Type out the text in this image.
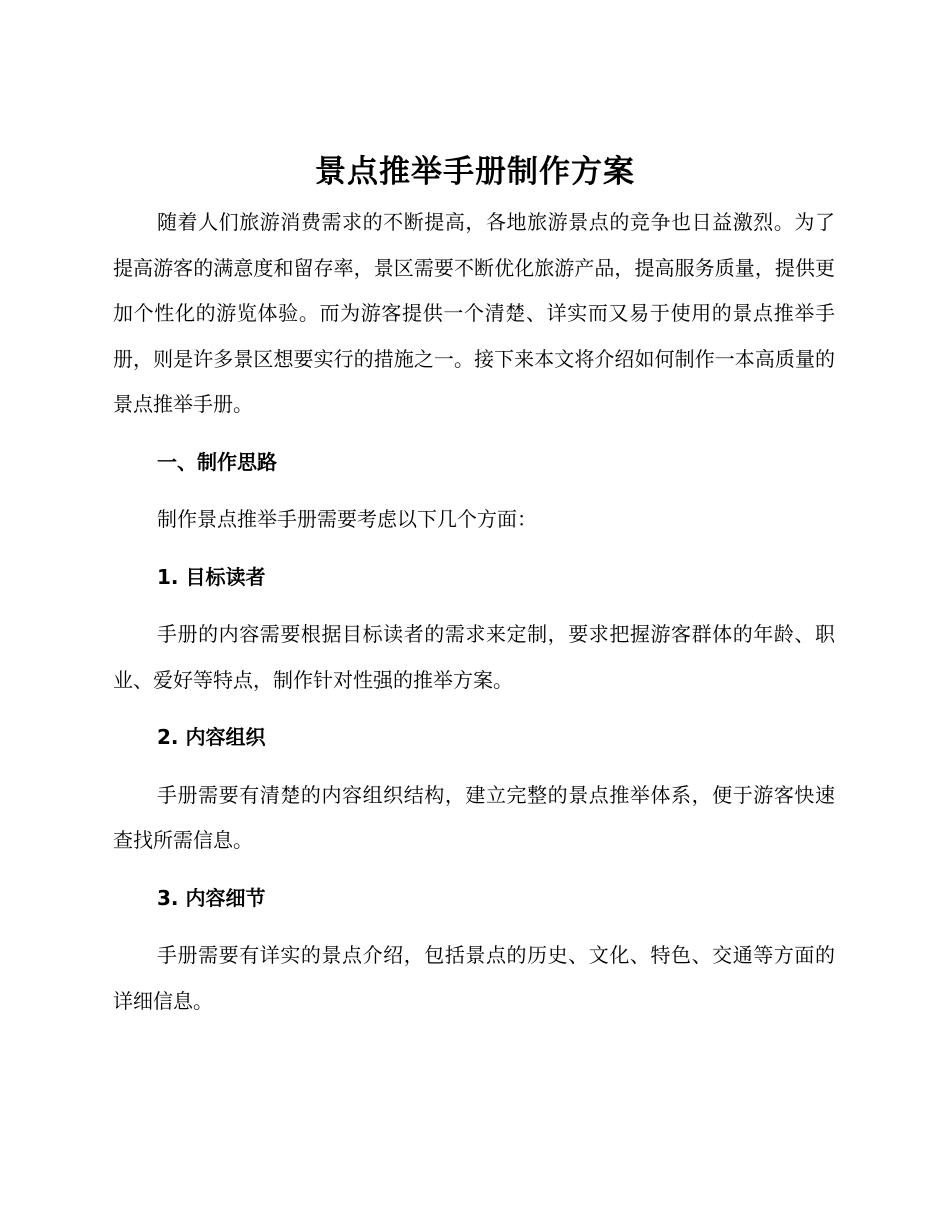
景点推举手册制作方案

随着人们旅游消费需求的不断提高，各地旅游景点的竞争也日益激烈。为了提高游客的满意度和留存率，景区需要不断优化旅游产品，提高服务质量，提供更加个性化的游览体验。而为游客提供一个清楚、详实而又易于使用的景点推举手册，则是许多景区想要实行的措施之一。接下来本文将介绍如何制作一本高质量的景点推举手册。

一、制作思路

制作景点推举手册需要考虑以下几个方面：

1. 目标读者

手册的内容需要根据目标读者的需求来定制，要求把握游客群体的年龄、职业、爱好等特点，制作针对性强的推举方案。

2. 内容组织

手册需要有清楚的内容组织结构，建立完整的景点推举体系，便于游客快速查找所需信息。

3. 内容细节

手册需要有详实的景点介绍，包括景点的历史、文化、特色、交通等方面的详细信息。
